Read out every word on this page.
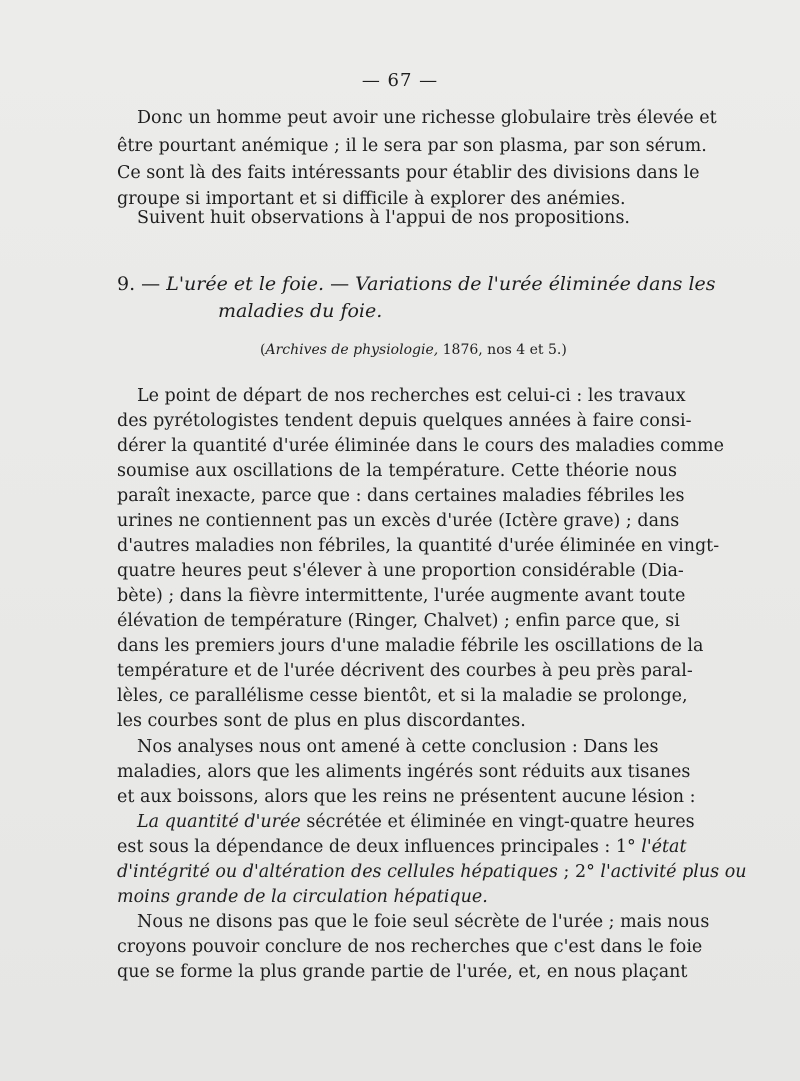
— 67 —
Donc un homme peut avoir une richesse globulaire très élevée et
être pourtant anémique ; il le sera par son plasma, par son sérum.
Ce sont là des faits intéressants pour établir des divisions dans le
groupe si important et si difficile à explorer des anémies.
Suivent huit observations à l'appui de nos propositions.
9. — L'urée et le foie. — Variations de l'urée éliminée dans les
maladies du foie.
(Archives de physiologie, 1876, nos 4 et 5.)
Le point de départ de nos recherches est celui-ci : les travaux
des pyrétologistes tendent depuis quelques années à faire consi-
dérer la quantité d'urée éliminée dans le cours des maladies comme
soumise aux oscillations de la température. Cette théorie nous
paraît inexacte, parce que : dans certaines maladies fébriles les
urines ne contiennent pas un excès d'urée (Ictère grave) ; dans
d'autres maladies non fébriles, la quantité d'urée éliminée en vingt-
quatre heures peut s'élever à une proportion considérable (Dia-
bète) ; dans la fièvre intermittente, l'urée augmente avant toute
élévation de température (Ringer, Chalvet) ; enfin parce que, si
dans les premiers jours d'une maladie fébrile les oscillations de la
température et de l'urée décrivent des courbes à peu près paral-
lèles, ce parallélisme cesse bientôt, et si la maladie se prolonge,
les courbes sont de plus en plus discordantes.
Nos analyses nous ont amené à cette conclusion : Dans les
maladies, alors que les aliments ingérés sont réduits aux tisanes
et aux boissons, alors que les reins ne présentent aucune lésion :
La quantité d'urée sécrétée et éliminée en vingt-quatre heures
est sous la dépendance de deux influences principales : 1° l'état
d'intégrité ou d'altération des cellules hépatiques ; 2° l'activité plus ou
moins grande de la circulation hépatique.
Nous ne disons pas que le foie seul sécrète de l'urée ; mais nous
croyons pouvoir conclure de nos recherches que c'est dans le foie
que se forme la plus grande partie de l'urée, et, en nous plaçant
